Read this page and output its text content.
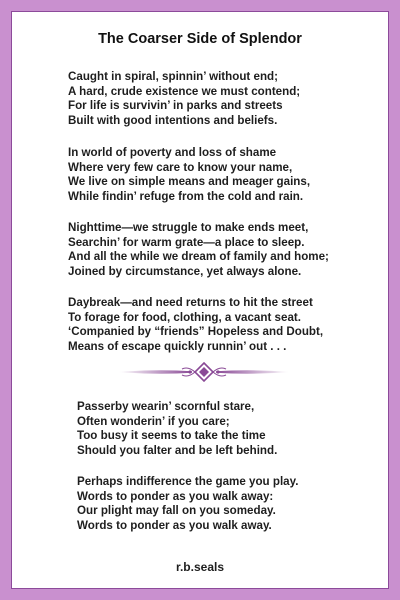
The Coarser Side of Splendor
Caught in spiral, spinnin’ without end;
A hard, crude existence we must contend;
For life is survivin’ in parks and streets
Built with good intentions and beliefs.
In world of poverty and loss of shame
Where very few care to know your name,
We live on simple means and meager gains,
While findin’ refuge from the cold and rain.
Nighttime—we struggle to make ends meet,
Searchin’ for warm grate—a place to sleep.
And all the while we dream of family and home;
Joined by circumstance, yet always alone.
Daybreak—and need returns to hit the street
To forage for food, clothing, a vacant seat.
‘Companied by “friends” Hopeless and Doubt,
Means of escape quickly runnin’ out . . .
Passerby wearin’ scornful stare,
Often wonderin’ if you care;
Too busy it seems to take the time
Should you falter and be left behind.
Perhaps indifference the game you play.
Words to ponder as you walk away:
Our plight may fall on you someday.
Words to ponder as you walk away.
r.b.seals
